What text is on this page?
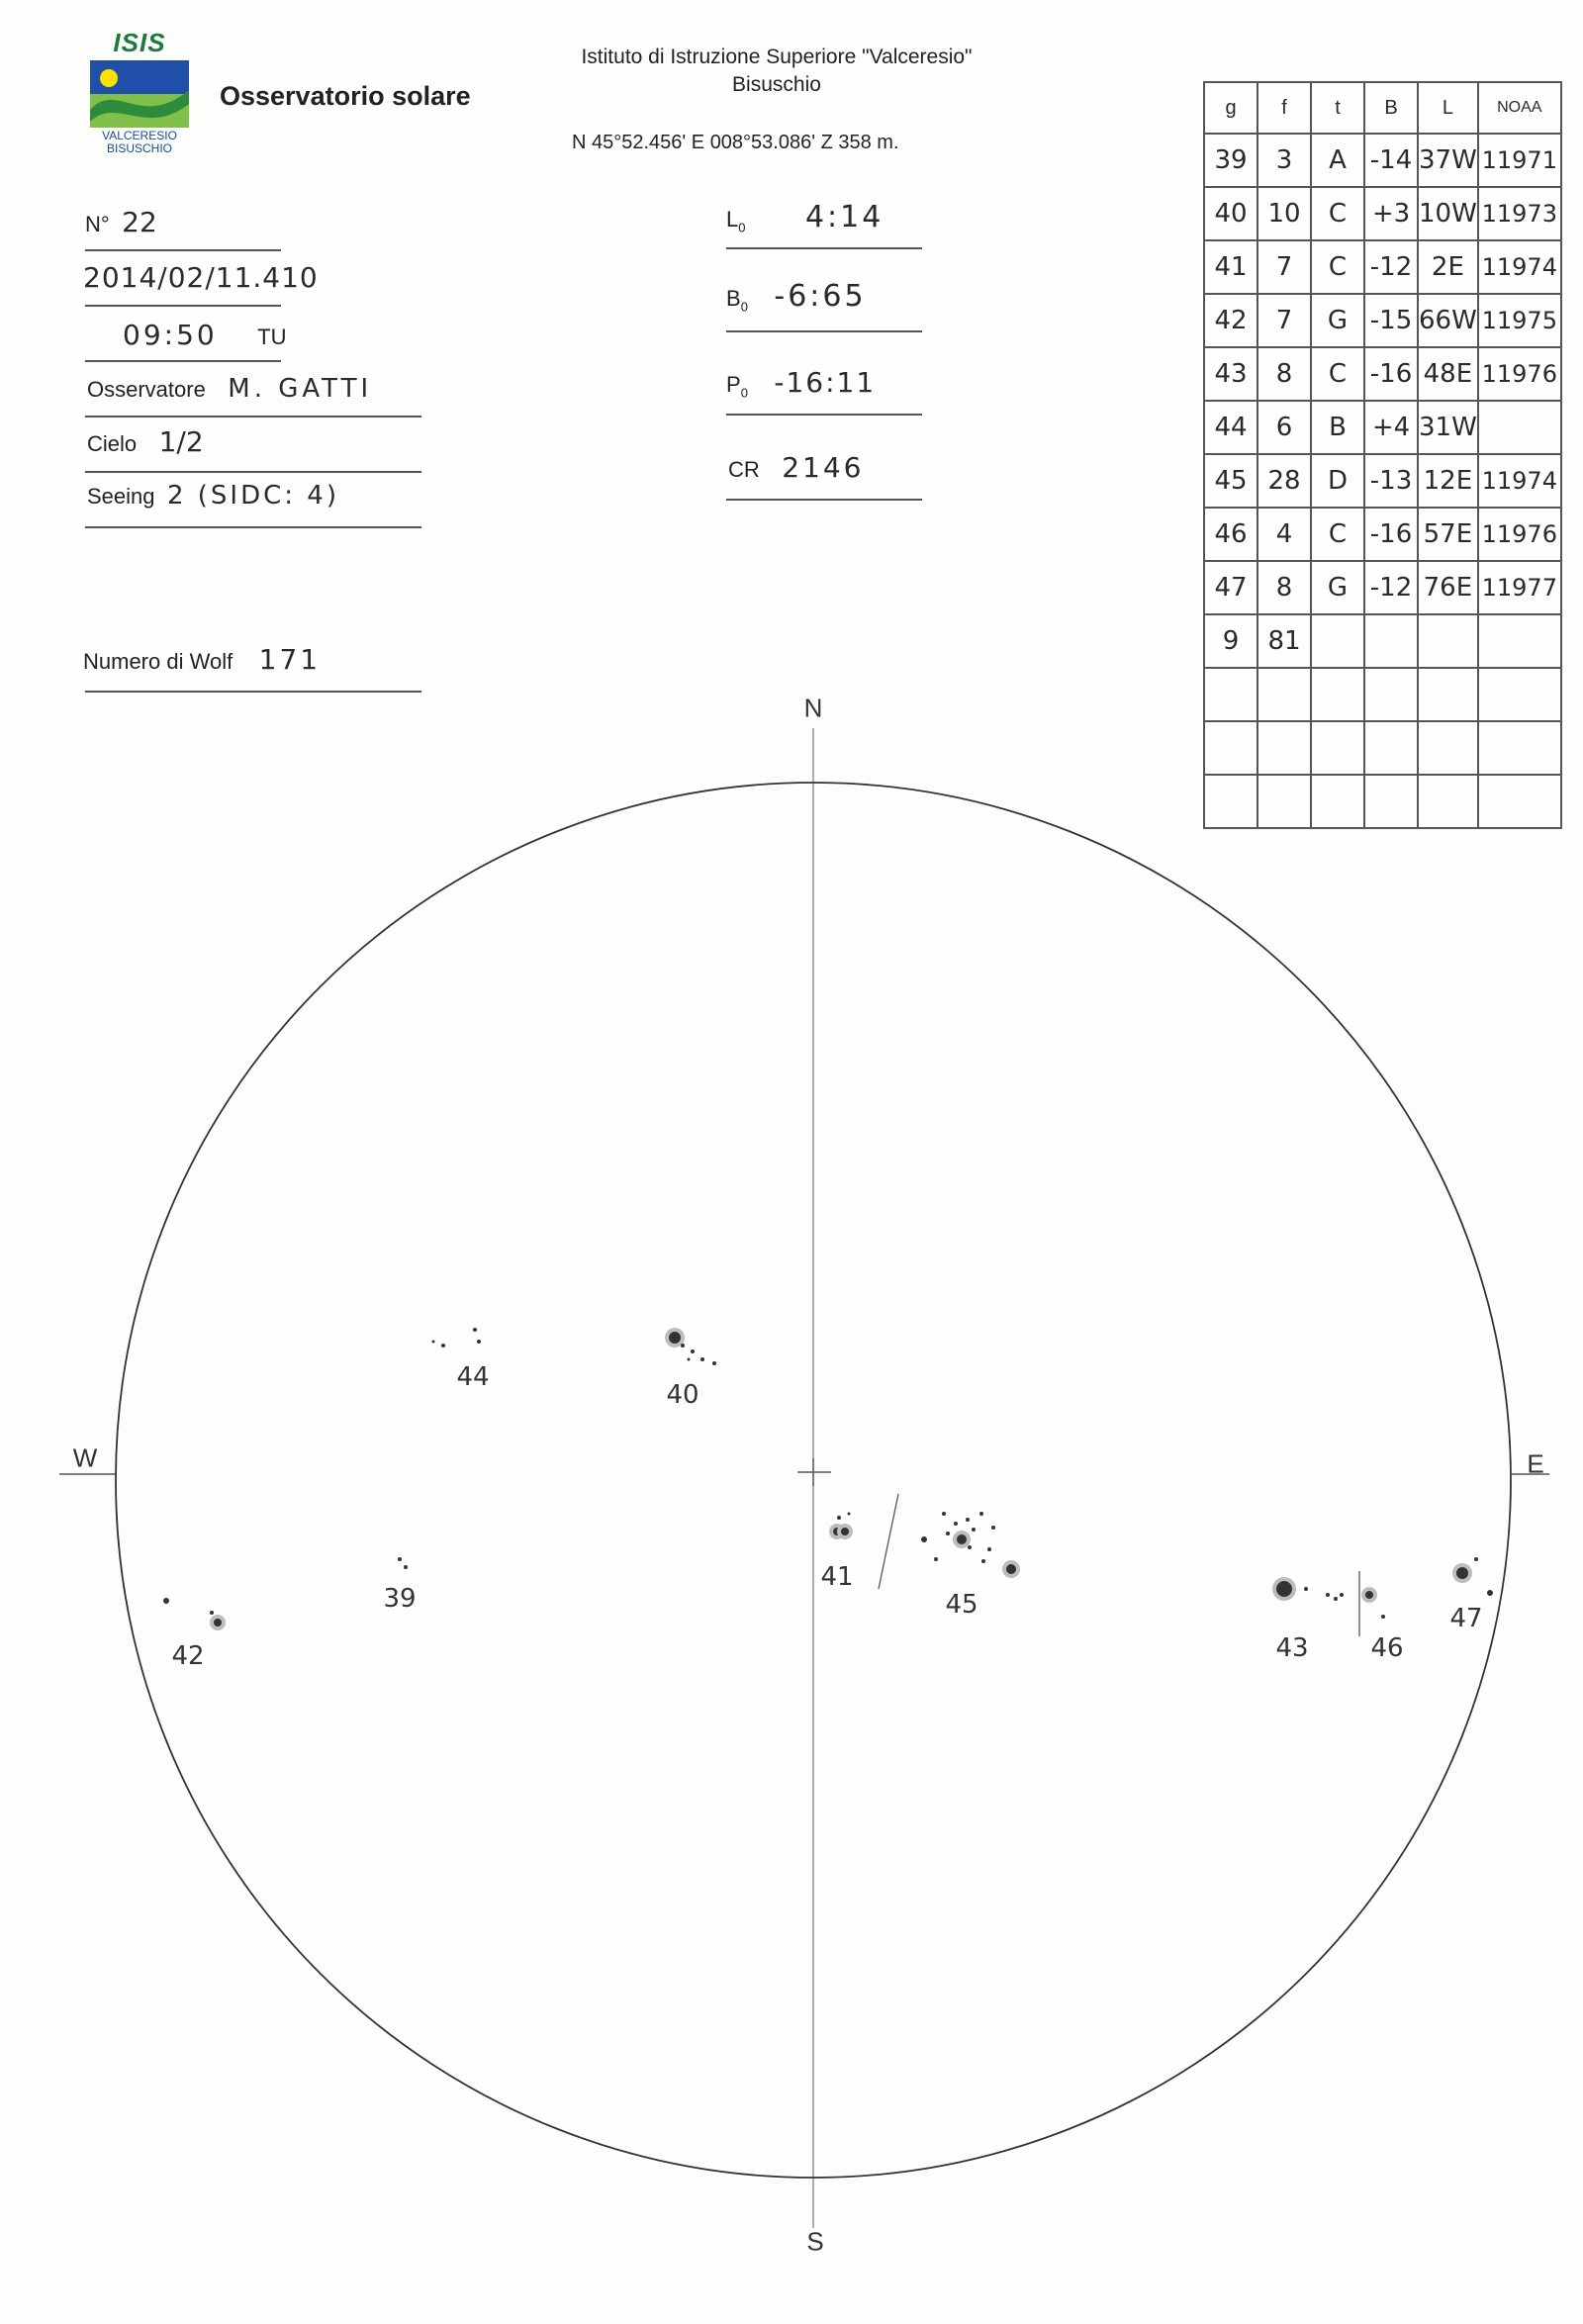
ISIS
VALCERESIO
BISUSCHIO
Osservatorio solare
Istituto di Istruzione Superiore "Valceresio"
Bisuschio
N 45°52.456' E 008°53.086' Z 358 m.
N° 22
2014/02/11.410
09:50 TU
Osservatore M. GATTI
Cielo 1/2
Seeing 2 (SIDC: 4)
Numero di Wolf 171
$L_0$ 4:14
$B_0$ -6:65
$P_0$ -16:11
CR 2146
g	f	t	B	L	NOAA
39	3	A	-14	37W	11971
40	10	C	+3	10W	11973
41	7	C	-12	2E	11974
42	7	G	-15	66W	11975
43	8	C	-16	48E	11976
44	6	B	+4	31W	
45	28	D	-13	12E	11974
46	4	C	-16	57E	11976
47	8	G	-12	76E	11977
9	81				

N
S
W	E
39
40
41
42	43
44
45
46
47
